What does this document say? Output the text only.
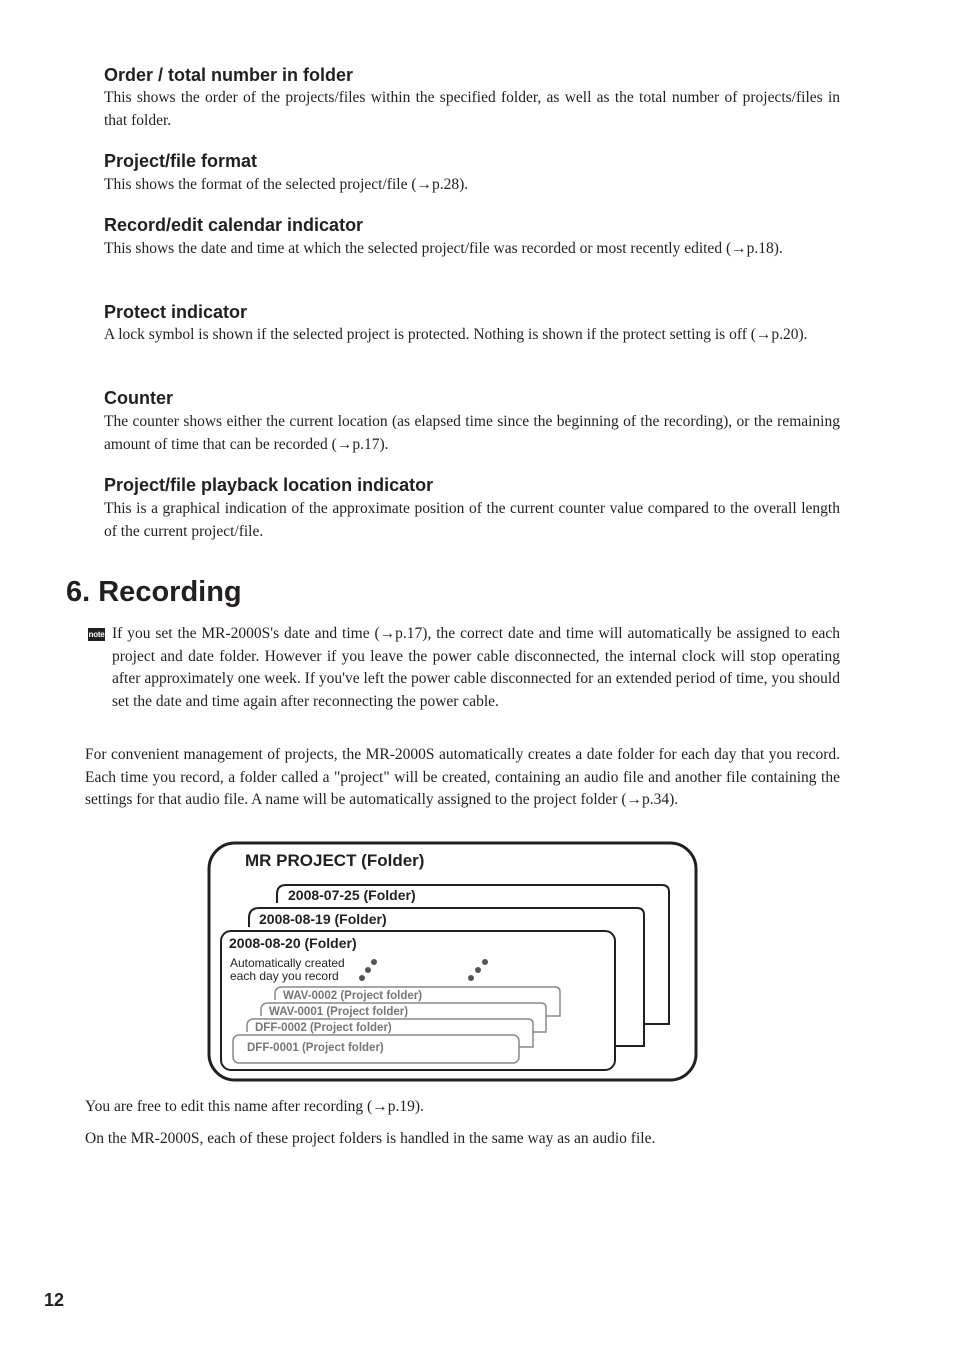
Order / total number in folder

This shows the order of the projects/files within the specified folder, as well as the total number of projects/files in that folder.

Project/file format

This shows the format of the selected project/file (→p.28).

Record/edit calendar indicator

This shows the date and time at which the selected project/file was recorded or most recently edited (→p.18).

Protect indicator

A lock symbol is shown if the selected project is protected. Nothing is shown if the protect setting is off (→p.20).

Counter

The counter shows either the current location (as elapsed time since the beginning of the recording), or the remaining amount of time that can be recorded (→p.17).

Project/file playback location indicator

This is a graphical indication of the approximate position of the current counter value compared to the overall length of the current project/file.

6. Recording
note If you set the MR-2000S's date and time (→p.17), the correct date and time will automatically be assigned to each project and date folder. However if you leave the power cable disconnected, the internal clock will stop operating after approximately one week. If you've left the power cable disconnected for an extended period of time, you should set the date and time again after reconnecting the power cable.

For convenient management of projects, the MR-2000S automatically creates a date folder for each day that you record. Each time you record, a folder called a "project" will be created, containing an audio file and another file containing the settings for that audio file. A name will be automatically assigned to the project folder (→p.34).

MR PROJECT (Folder)
2008-07-25 (Folder)
2008-08-19 (Folder)
2008-08-20 (Folder)
Automatically created
each day you record
WAV-0002 (Project folder)
WAV-0001 (Project folder)
DFF-0002 (Project folder)
DFF-0001 (Project folder)

You are free to edit this name after recording (→p.19).

On the MR-2000S, each of these project folders is handled in the same way as an audio file.

12
